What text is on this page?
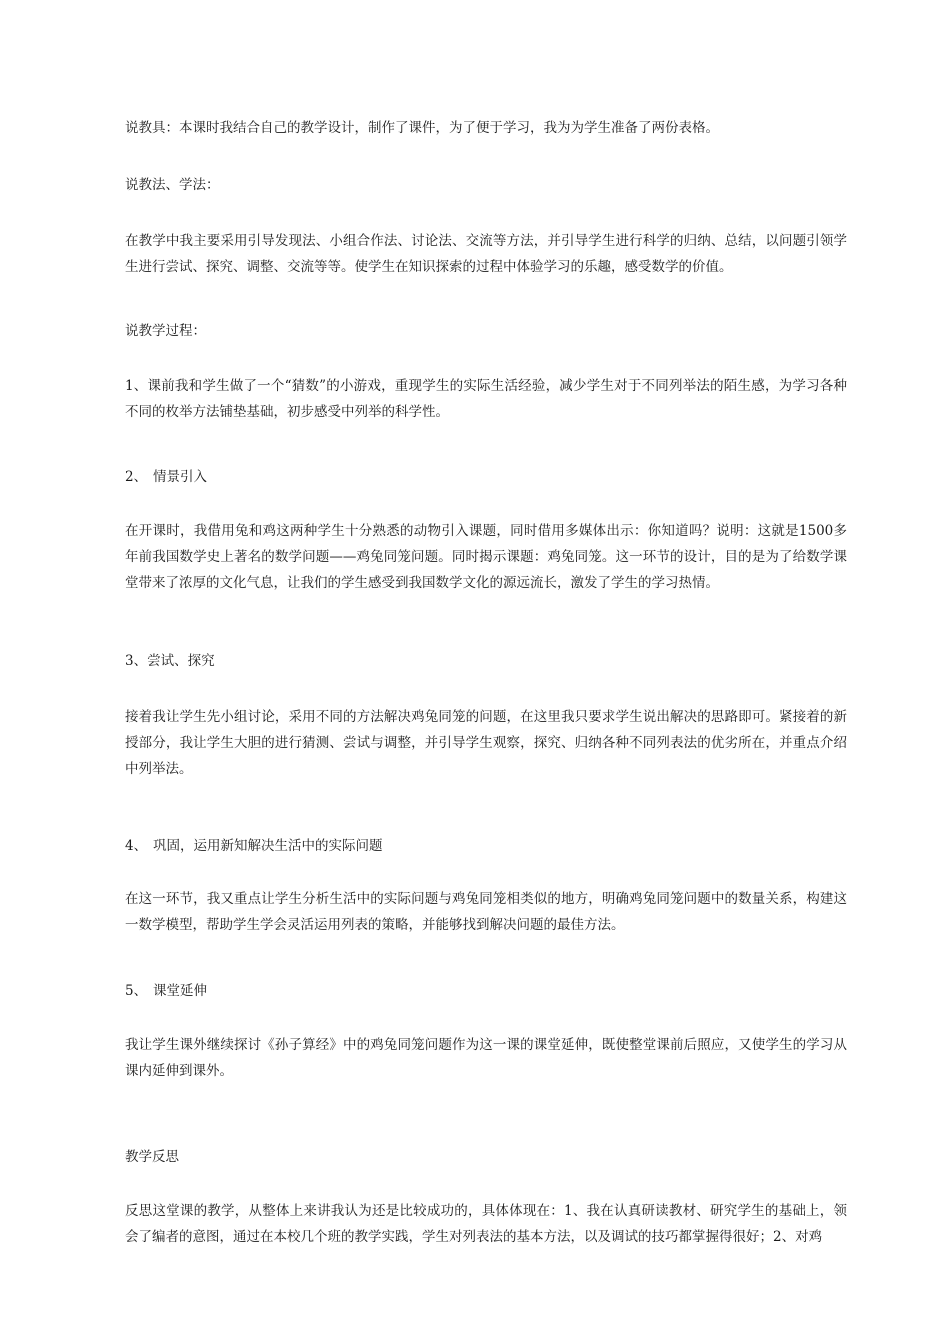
说教具：本课时我结合自己的教学设计，制作了课件，为了便于学习，我为为学生准备了两份表格。

说教法、学法：

在教学中我主要采用引导发现法、小组合作法、讨论法、交流等方法，并引导学生进行科学的归纳、总结，以问题引领学生进行尝试、探究、调整、交流等等。使学生在知识探索的过程中体验学习的乐趣，感受数学的价值。

说教学过程：

1、课前我和学生做了一个“猜数”的小游戏，重现学生的实际生活经验，减少学生对于不同列举法的陌生感，为学习各种不同的枚举方法铺垫基础，初步感受中列举的科学性。

2、 情景引入

在开课时，我借用兔和鸡这两种学生十分熟悉的动物引入课题，同时借用多媒体出示：你知道吗？说明：这就是1500多年前我国数学史上著名的数学问题——鸡兔同笼问题。同时揭示课题：鸡兔同笼。这一环节的设计，目的是为了给数学课堂带来了浓厚的文化气息，让我们的学生感受到我国数学文化的源远流长，激发了学生的学习热情。

3、尝试、探究

接着我让学生先小组讨论，采用不同的方法解决鸡兔同笼的问题，在这里我只要求学生说出解决的思路即可。紧接着的新授部分，我让学生大胆的进行猜测、尝试与调整，并引导学生观察，探究、归纳各种不同列表法的优劣所在，并重点介绍中列举法。

4、 巩固，运用新知解决生活中的实际问题

在这一环节，我又重点让学生分析生活中的实际问题与鸡兔同笼相类似的地方，明确鸡兔同笼问题中的数量关系，构建这一数学模型，帮助学生学会灵活运用列表的策略，并能够找到解决问题的最佳方法。

5、 课堂延伸

我让学生课外继续探讨《孙子算经》中的鸡兔同笼问题作为这一课的课堂延伸，既使整堂课前后照应，又使学生的学习从课内延伸到课外。

教学反思

反思这堂课的教学，从整体上来讲我认为还是比较成功的，具体体现在：1、我在认真研读教材、研究学生的基础上，领会了编者的意图，通过在本校几个班的教学实践，学生对列表法的基本方法，以及调试的技巧都掌握得很好；2、对鸡
